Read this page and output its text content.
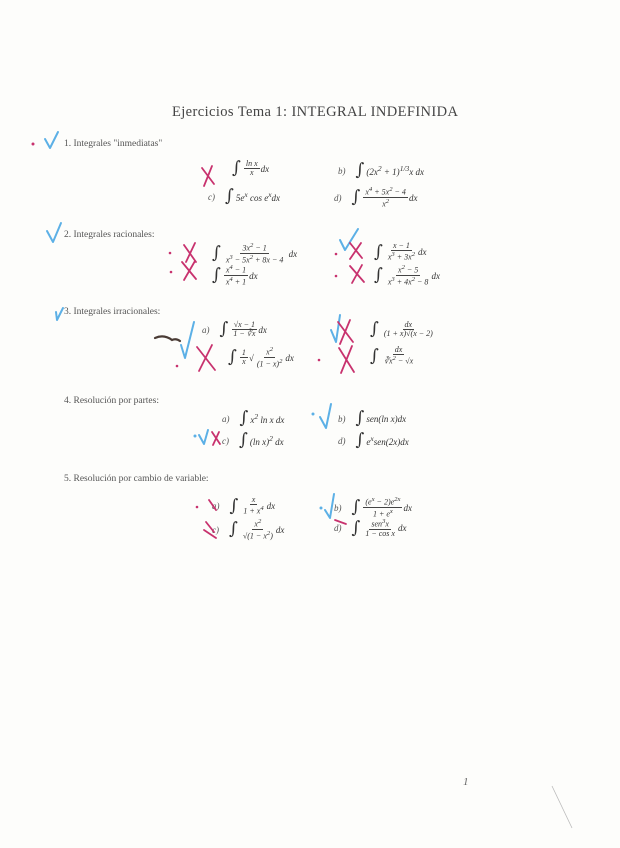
Ejercicios Tema 1: INTEGRAL INDEFINIDA
1. Integrales "inmediatas"
∫ $\frac{\text{ln x}}{x}$ dx	b) ∫ $(2x^2 + 1)^{1/3}x$ dx
c) ∫ $5e^x$ $\cos e^xdx$	d) ∫ $\frac{x^4 + 5x^2 - 4}{x^2}$ dx
2. Integrales racionales:
∫ $\frac{3x^2 - 1}{x^3 - 5x^2 + 8x - 4}$ dx	∫ $\frac{x - 1}{x^3 + 3x^2}$ dx
∫ $\frac{x^4 - 1}{x^4 + 1}$ dx	∫ $\frac{x^2 - 5}{x^3 + 4x^2 - 8}$ dx
3. Integrales irracionales:
a) ∫ $\frac{√x - 1}{1 - ∛x}$ dx	∫ $\frac{dx}{(1 + x)√(x - 2)}$
∫ $\frac{1}{x}$ √ $\frac{x^2}{(1 - x)^2}$ dx	∫ $\frac{dx}{∛x^2 - √x}$
4. Resolución por partes:
a) ∫ $x^2$ ln x dx	b) ∫ sen(ln x)dx
c) ∫ (ln x)$^2$ dx	d) ∫ $e^xsen(2x)dx$
5. Resolución por cambio de variable:
a) ∫ $\frac{x}{1 + x^4}$ dx	b) ∫ $\frac{(e^x - 2)e^{2x}}{1 + e^x}$ dx
c) ∫ $\frac{x^2}{√(1 - x^2)}$ dx	d) ∫ $\frac{sen^3x}{\text{1 − cos x}}$ dx
1
